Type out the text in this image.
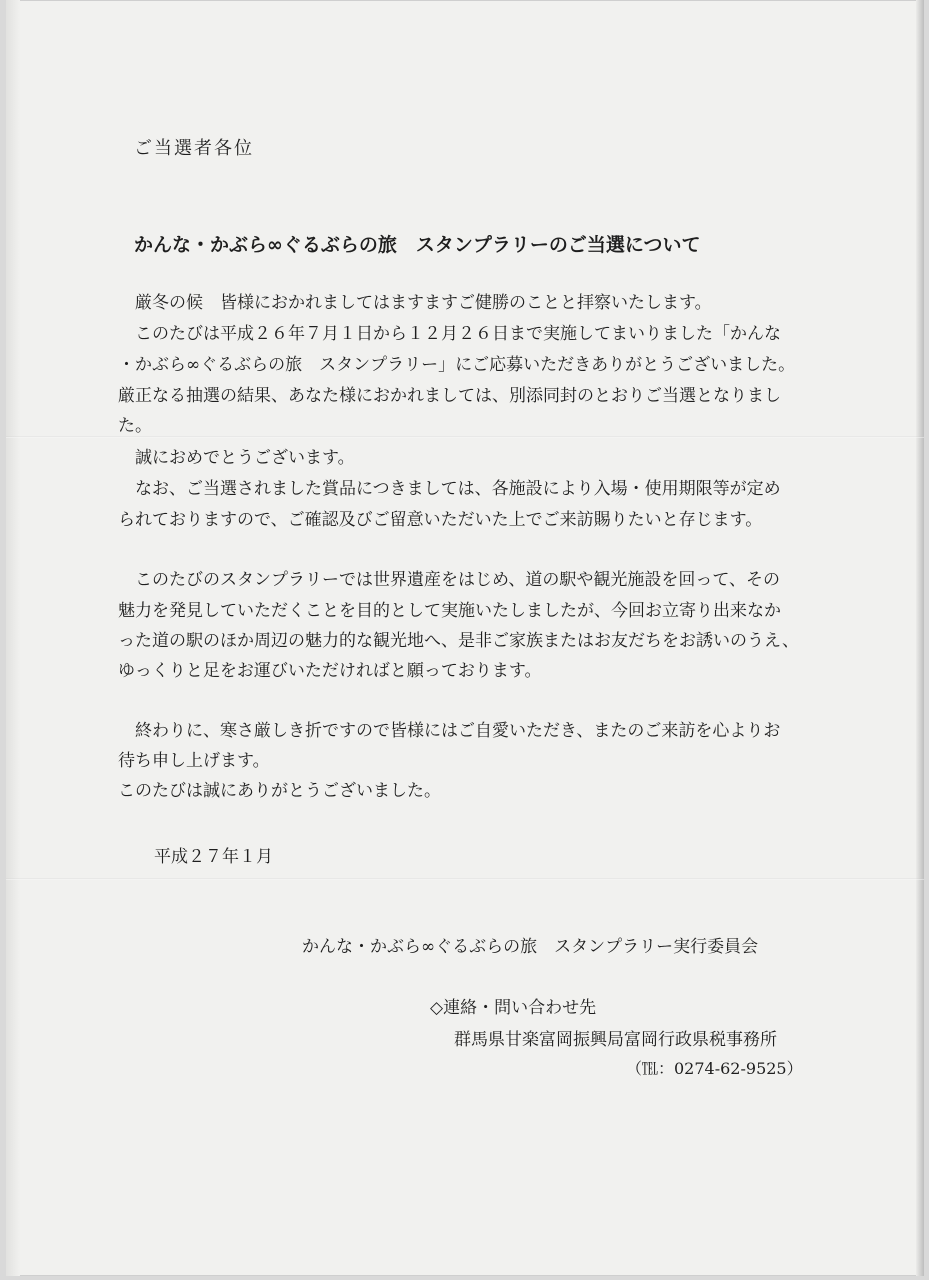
ご当選者各位

かんな・かぶら∞ぐるぶらの旅　スタンプラリーのご当選について

　厳冬の候　皆様におかれましてはますますご健勝のことと拝察いたします。

　このたびは平成２６年７月１日から１２月２６日まで実施してまいりました「かんな

・かぶら∞ぐるぶらの旅　スタンプラリー」にご応募いただきありがとうございました。

厳正なる抽選の結果、あなた様におかれましては、別添同封のとおりご当選となりまし

た。

　誠におめでとうございます。

　なお、ご当選されました賞品につきましては、各施設により入場・使用期限等が定め

られておりますので、ご確認及びご留意いただいた上でご来訪賜りたいと存じます。

　このたびのスタンプラリーでは世界遺産をはじめ、道の駅や観光施設を回って、その

魅力を発見していただくことを目的として実施いたしましたが、今回お立寄り出来なか

った道の駅のほか周辺の魅力的な観光地へ、是非ご家族またはお友だちをお誘いのうえ、

ゆっくりと足をお運びいただければと願っております。

　終わりに、寒さ厳しき折ですので皆様にはご自愛いただき、またのご来訪を心よりお

待ち申し上げます。

このたびは誠にありがとうございました。

平成２７年１月

かんな・かぶら∞ぐるぶらの旅　スタンプラリー実行委員会

◇連絡・問い合わせ先

群馬県甘楽富岡振興局富岡行政県税事務所

（℡：0274-62-9525）
